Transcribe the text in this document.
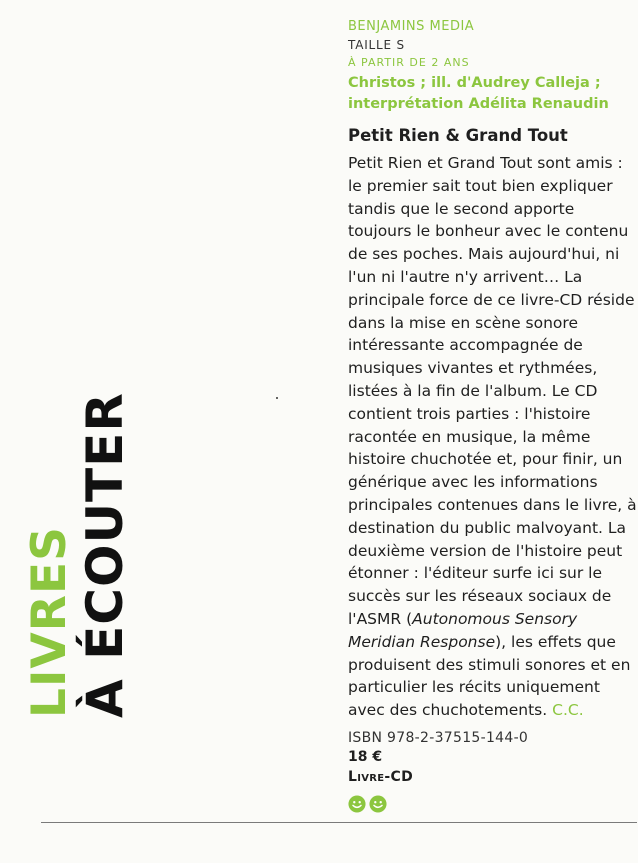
LIVRES À ÉCOUTER
BENJAMINS MEDIA
TAILLE S
À PARTIR DE 2 ANS
Christos ; ill. d'Audrey Calleja ;
interprétation Adélita Renaudin
Petit Rien & Grand Tout

Petit Rien et Grand Tout sont amis : le premier sait tout bien expliquer tandis que le second apporte toujours le bonheur avec le contenu de ses poches. Mais aujourd'hui, ni l'un ni l'autre n'y arrivent… La principale force de ce livre-CD réside dans la mise en scène sonore intéressante accompagnée de musiques vivantes et rythmées, listées à la fin de l'album. Le CD contient trois parties : l'histoire racontée en musique, la même histoire chuchotée et, pour finir, un générique avec les informations principales contenues dans le livre, à destination du public malvoyant. La deuxième version de l'histoire peut étonner : l'éditeur surfe ici sur le succès sur les réseaux sociaux de l'ASMR (Autonomous Sensory Meridian Response), les effets que produisent des stimuli sonores et en particulier les récits uniquement avec des chuchotements. C.C.

ISBN 978-2-37515-144-0
18 €
Livre-CD
